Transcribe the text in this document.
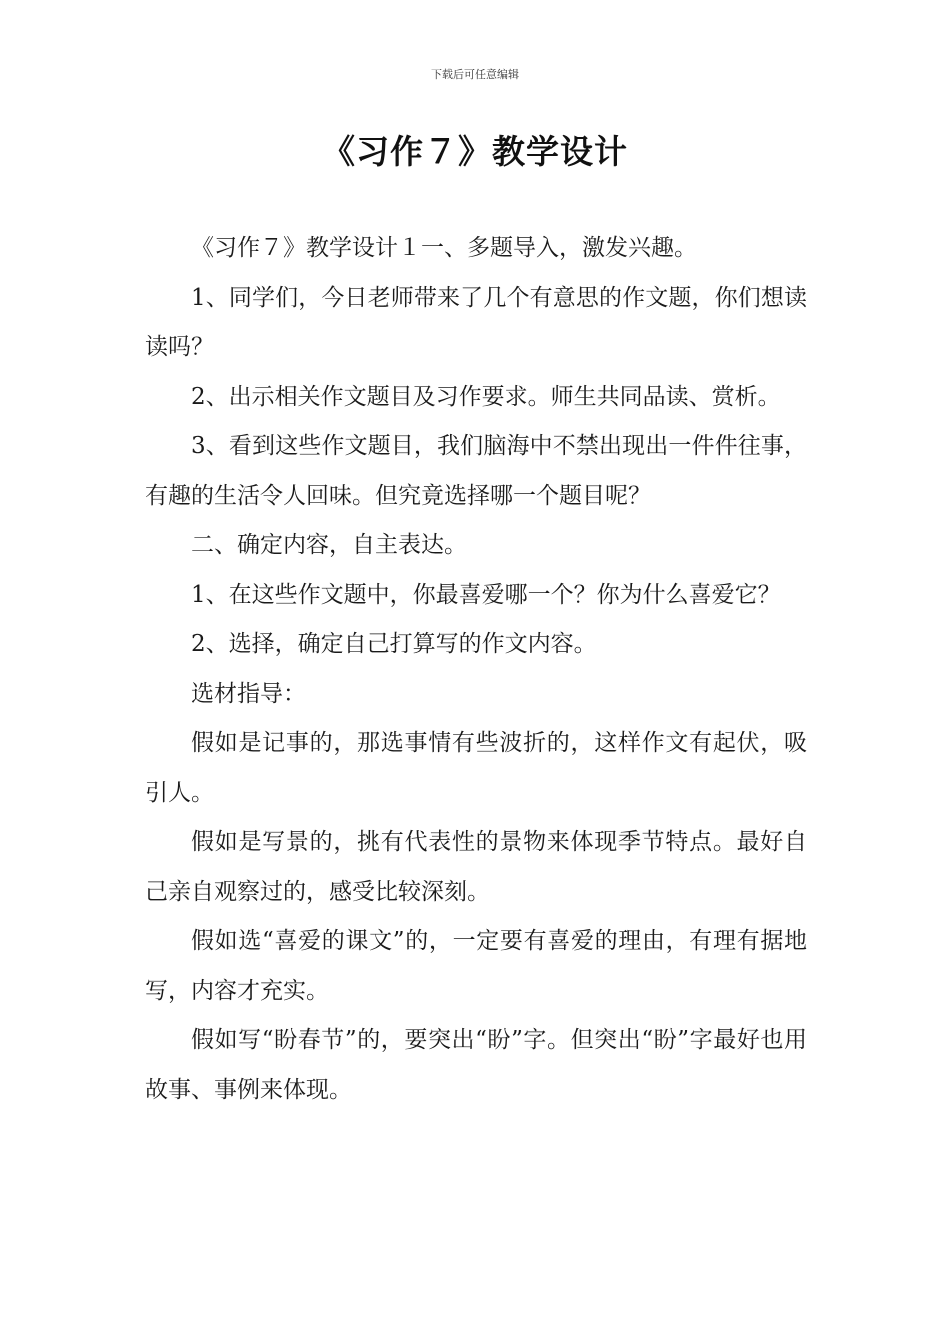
下载后可任意编辑
《习作７》教学设计

《习作７》教学设计１一、多题导入，激发兴趣。

1、同学们，今日老师带来了几个有意思的作文题，你们想读读吗？

2、出示相关作文题目及习作要求。师生共同品读、赏析。

3、看到这些作文题目，我们脑海中不禁出现出一件件往事，有趣的生活令人回味。但究竟选择哪一个题目呢？

二、确定内容，自主表达。

1、在这些作文题中，你最喜爱哪一个？你为什么喜爱它？

2、选择，确定自己打算写的作文内容。

选材指导：

假如是记事的，那选事情有些波折的，这样作文有起伏，吸引人。

假如是写景的，挑有代表性的景物来体现季节特点。最好自己亲自观察过的，感受比较深刻。

假如选“喜爱的课文”的，一定要有喜爱的理由，有理有据地写，内容才充实。

假如写“盼春节”的，要突出“盼”字。但突出“盼”字最好也用故事、事例来体现。
